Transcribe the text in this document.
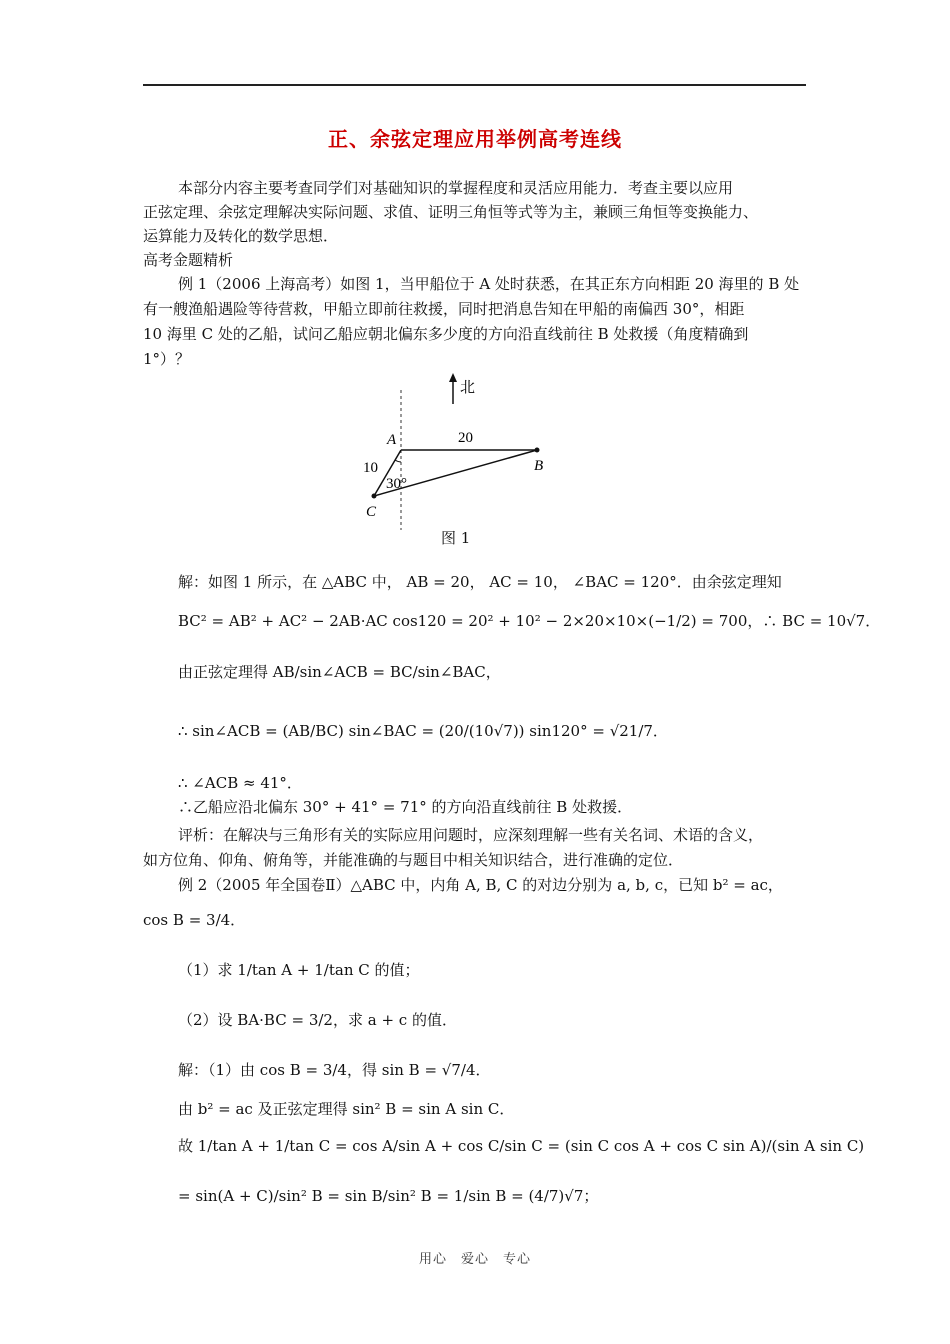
正、余弦定理应用举例高考连线
本部分内容主要考查同学们对基础知识的掌握程度和灵活应用能力．考查主要以应用
正弦定理、余弦定理解决实际问题、求值、证明三角恒等式等为主，兼顾三角恒等变换能力、
运算能力及转化的数学思想．
高考金题精析
例 1（2006 上海高考）如图 1，当甲船位于 A 处时获悉，在其正东方向相距 20 海里的 B 处
有一艘渔船遇险等待营救，甲船立即前往救援，同时把消息告知在甲船的南偏西 30°，相距
10 海里 C 处的乙船，试问乙船应朝北偏东多少度的方向沿直线前往 B 处救援（角度精确到
1°）？
北
A
B
C
20
10
30°
图 1
解：如图 1 所示，在 △ABC 中， AB = 20， AC = 10， ∠BAC = 120°．由余弦定理知
BC² = AB² + AC² − 2AB·AC cos120 = 20² + 10² − 2×20×10×(−1/2) = 700，∴ BC = 10√7．
由正弦定理得 AB/sin∠ACB = BC/sin∠BAC，
∴ sin∠ACB = (AB/BC) sin∠BAC = (20/(10√7)) sin120° = √21/7．
∴ ∠ACB ≈ 41°．
∴乙船应沿北偏东 30° + 41° = 71° 的方向沿直线前往 B 处救援．
评析：在解决与三角形有关的实际应用问题时，应深刻理解一些有关名词、术语的含义，
如方位角、仰角、俯角等，并能准确的与题目中相关知识结合，进行准确的定位．
例 2（2005 年全国卷Ⅱ）△ABC 中，内角 A, B, C 的对边分别为 a, b, c，已知 b² = ac，
cos B = 3/4．
（1）求 1/tan A + 1/tan C 的值；
（2）设 BA·BC = 3/2，求 a + c 的值．
解：（1）由 cos B = 3/4，得 sin B = √7/4．
由 b² = ac 及正弦定理得 sin² B = sin A sin C．
故 1/tan A + 1/tan C = cos A/sin A + cos C/sin C = (sin C cos A + cos C sin A)/(sin A sin C)
= sin(A + C)/sin² B = sin B/sin² B = 1/sin B = (4/7)√7；
用心　爱心　专心
